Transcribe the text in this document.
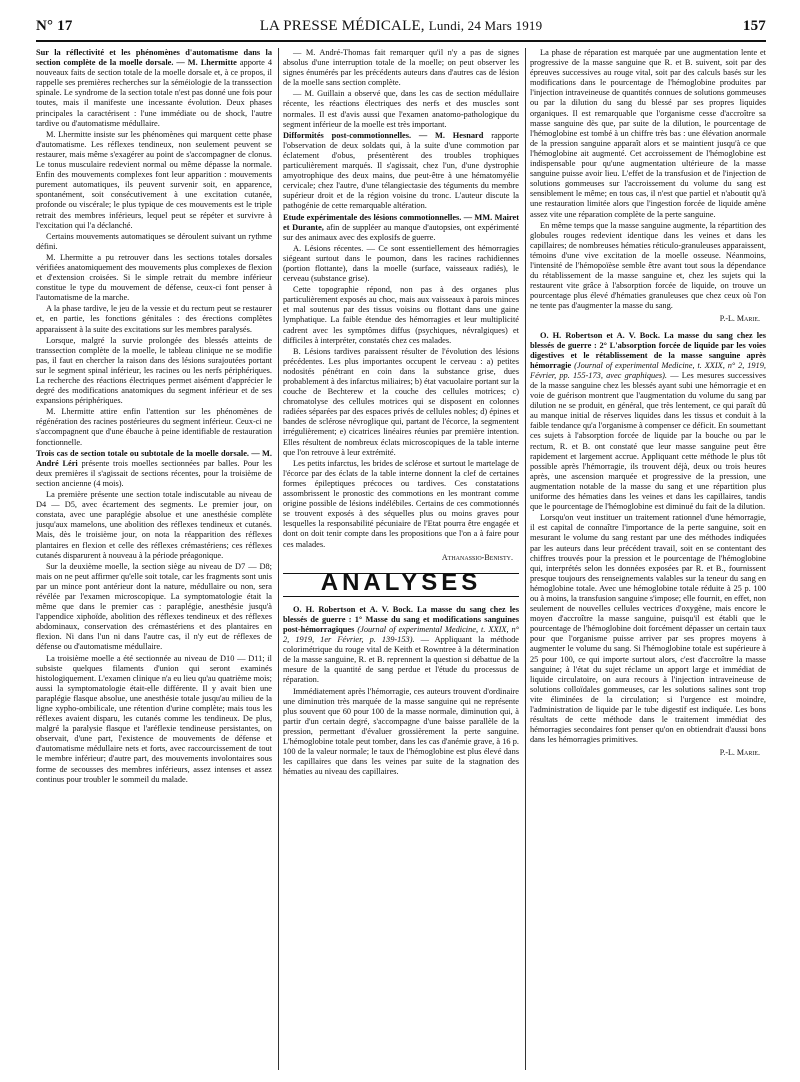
N° 17	LA PRESSE MÉDICALE, Lundi, 24 Mars 1919	157

Sur la réflectivité et les phénomènes d'automatisme dans la section complète de la moelle dorsale. — M. Lhermitte apporte 4 nouveaux faits de section totale de la moelle dorsale et, à ce propos, il rappelle ses premières recherches sur la séméiologie de la transsection spinale. Le syndrome de la section totale n'est pas donné une fois pour toutes, mais il manifeste une incessante évolution. Deux phases principales la caractérisent : l'une immédiate ou de shock, l'autre tardive ou d'automatisme médullaire.

M. Lhermitte insiste sur les phénomènes qui marquent cette phase d'automatisme. Les réflexes tendineux, non seulement peuvent se restaurer, mais même s'exagérer au point de s'accompagner de clonus. Le tonus musculaire redevient normal ou même dépasse la normale. Enfin des mouvements complexes font leur apparition : mouvements purement automatiques, ils peuvent survenir soit, en apparence, spontanément, soit consécutivement à une excitation cutanée, profonde ou viscérale; le plus typique de ces mouvements est le triple retrait des membres inférieurs, lequel peut se répéter et survivre à l'excitation qui l'a déclanché.

Certains mouvements automatiques se déroulent suivant un rythme défini.

M. Lhermitte a pu retrouver dans les sections totales dorsales vérifiées anatomiquement des mouvements plus complexes de flexion et d'extension croisées. Si le simple retrait du membre inférieur constitue le type du mouvement de défense, ceux-ci font penser à l'automatisme de la marche.

A la phase tardive, le jeu de la vessie et du rectum peut se restaurer et, en partie, les fonctions génitales : des érections complètes apparaissent à la suite des excitations sur les membres paralysés.

Lorsque, malgré la survie prolongée des blessés atteints de transsection complète de la moelle, le tableau clinique ne se modifie pas, il faut en chercher la raison dans des lésions surajoutées portant sur le segment spinal inférieur, les racines ou les nerfs périphériques. La recherche des réactions électriques permet aisément d'apprécier le degré des modifications anatomiques du segment inférieur et de ses expansions périphériques.

M. Lhermitte attire enfin l'attention sur les phénomènes de régénération des racines postérieures du segment inférieur. Ceux-ci ne s'accompagnent que d'une ébauche à peine identifiable de restauration fonctionnelle.

Trois cas de section totale ou subtotale de la moelle dorsale. — M. André Léri présente trois moelles sectionnées par balles. Pour les deux premières il s'agissait de sections récentes, pour la troisième de section ancienne (4 mois).

La première présente une section totale indiscutable au niveau de D4 — D5, avec écartement des segments. Le premier jour, on constata, avec une paraplégie absolue et une anesthésie complète jusqu'aux mamelons, une abolition des réflexes tendineux et cutanés. Mais, dès le troisième jour, on nota la réapparition des réflexes plantaires en flexion et celle des réflexes crémastériens; ces réflexes cutanés disparurent à nouveau à la période préagonique.

Sur la deuxième moelle, la section siège au niveau de D7 — D8; mais on ne peut affirmer qu'elle soit totale, car les fragments sont unis par un mince pont antérieur dont la nature, médullaire ou non, sera révélée par l'examen microscopique. La symptomatologie était la même que dans le premier cas : paraplégie, anesthésie jusqu'à l'appendice xiphoïde, abolition des réflexes tendineux et des réflexes abdominaux, conservation des crémastériens et des plantaires en flexion. Ni dans l'un ni dans l'autre cas, il n'y eut de réflexes de défense ou d'automatisme médullaire.

La troisième moelle a été sectionnée au niveau de D10 — D11; il subsiste quelques filaments d'union qui seront examinés histologiquement. L'examen clinique n'a eu lieu qu'au quatrième mois; aussi la symptomatologie était-elle différente. Il y avait bien une paraplégie flasque absolue, une anesthésie totale jusqu'au milieu de la ligne xypho-ombilicale, une rétention d'urine complète; mais tous les réflexes avaient disparu, les cutanés comme les tendineux. De plus, malgré la paralysie flasque et l'aréflexie tendineuse persistantes, on observait, d'une part, l'existence de mouvements de défense et d'automatisme médullaire nets et forts, avec raccourcissement de tout le membre inférieur; d'autre part, des mouvements involontaires sous forme de secousses des membres inférieurs, assez intenses et assez continus pour troubler le sommeil du malade.

— M. André-Thomas fait remarquer qu'il n'y a pas de signes absolus d'une interruption totale de la moelle; on peut observer les signes énumérés par les précédents auteurs dans d'autres cas de lésion de la moelle sans section complète.

— M. Guillain a observé que, dans les cas de section médullaire récente, les réactions électriques des nerfs et des muscles sont normales. Il est d'avis aussi que l'examen anatomo-pathologique du segment inférieur de la moelle est très important.

Difformités post-commotionnelles. — M. Hesnard rapporte l'observation de deux soldats qui, à la suite d'une commotion par éclatement d'obus, présentèrent des troubles trophiques particulièrement marqués. Il s'agissait, chez l'un, d'une dystrophie amyotrophique des deux mains, due peut-être à une hématomyélie cervicale; chez l'autre, d'une télangiectasie des téguments du membre supérieur droit et de la région voisine du tronc. L'auteur discute la pathogénie de cette remarquable altération.

Etude expérimentale des lésions commotionnelles. — MM. Mairet et Durante, afin de suppléer au manque d'autopsies, ont expérimenté sur des animaux avec des explosifs de guerre.

A. Lésions récentes. — Ce sont essentiellement des hémorragies siégeant surtout dans le poumon, dans les racines rachidiennes (portion flottante), dans la moelle (surface, vaisseaux radiés), le cerveau (substance grise).

Cette topographie répond, non pas à des organes plus particulièrement exposés au choc, mais aux vaisseaux à parois minces et mal soutenus par des tissus voisins ou flottant dans une gaine lymphatique. La faible étendue des hémorragies et leur multiplicité cadrent avec les symptômes diffus (psychiques, névralgiques) et difficiles à interpréter, constatés chez ces malades.

B. Lésions tardives paraissent résulter de l'évolution des lésions précédentes. Les plus importantes occupent le cerveau : a) petites nodosités pénétrant en coin dans la substance grise, dues probablement à des infarctus miliaires; b) état vacuolaire portant sur la couche de Bechterew et la couche des cellules motrices; c) chromatolyse des cellules motrices qui se disposent en colonnes radiées séparées par des espaces privés de cellules nobles; d) épines et bandes de sclérose névroglique qui, partant de l'écorce, la segmentent irrégulièrement; e) cicatrices linéaires réunies par première intention. Elles résultent de nombreux éclats microscopiques de la table interne que l'on retrouve à leur extrémité.

Les petits infarctus, les brides de sclérose et surtout le martelage de l'écorce par des éclats de la table interne donnent la clef de certaines formes épileptiques précoces ou tardives. Ces constatations assombrissent le pronostic des commotions en les montrant comme origine possible de lésions indélébiles. Certains de ces commotionnés se trouvent exposés à des séquelles plus ou moins graves pour lesquelles la responsabilité pécuniaire de l'Etat pourra être engagée et dont on doit tenir compte dans les propositions que l'on a à faire pour ces malades.

Athanassio-Benisty.

ANALYSES

O. H. Robertson et A. V. Bock. La masse du sang chez les blessés de guerre : 1° Masse du sang et modifications sanguines post-hémorragiques (Journal of experimental Medicine, t. XXIX, n° 2, 1919, 1er Février, p. 139-153). — Appliquant la méthode colorimétrique du rouge vital de Keith et Rowntree à la détermination de la masse sanguine, R. et B. reprennent la question si débattue de la mesure de la quantité de sang perdue et l'étude du processus de réparation.

Immédiatement après l'hémorragie, ces auteurs trouvent d'ordinaire une diminution très marquée de la masse sanguine qui ne représente plus souvent que 60 pour 100 de la masse normale, diminution qui, à partir d'un certain degré, s'accompagne d'une baisse parallèle de la pression, permettant d'évaluer grossièrement la perte sanguine. L'hémoglobine totale peut tomber, dans les cas d'anémie grave, à 16 p. 100 de la valeur normale; le taux de l'hémoglobine est plus élevé dans les capillaires que dans les veines par suite de la stagnation des hématies au niveau des capillaires.

La phase de réparation est marquée par une augmentation lente et progressive de la masse sanguine que R. et B. suivent, soit par des épreuves successives au rouge vital, soit par des calculs basés sur les modifications dans le pourcentage de l'hémoglobine produites par l'injection intraveineuse de quantités connues de solutions gommeuses ou par la dilution du sang du blessé par ses propres liquides organiques. Il est remarquable que l'organisme cesse d'accroître sa masse sanguine dès que, par suite de la dilution, le pourcentage de l'hémoglobine est tombé à un chiffre très bas : une élévation anormale de la pression sanguine apparaît alors et se maintient jusqu'à ce que l'hémoglobine ait augmenté. Cet accroissement de l'hémoglobine est indispensable pour qu'une augmentation ultérieure de la masse sanguine puisse avoir lieu. L'effet de la transfusion et de l'injection de solutions gommeuses sur l'accroissement du volume du sang est sensiblement le même; en tous cas, il n'est que partiel et n'aboutit qu'à une restauration limitée alors que l'ingestion forcée de liquide amène assez vite une réparation complète de la perte sanguine.

En même temps que la masse sanguine augmente, la répartition des globules rouges redevient identique dans les veines et dans les capillaires; de nombreuses hématies réticulo-granuleuses apparaissent, témoins d'une vive excitation de la moelle osseuse. Néanmoins, l'intensité de l'hémopoïèse semble être avant tout sous la dépendance du rétablissement de la masse sanguine et, chez les sujets qui la restaurent vite grâce à l'absorption forcée de liquide, on trouve un pourcentage plus élevé d'hématies granuleuses que chez ceux où l'on ne tente pas d'augmenter la masse du sang.

P.-L. Marie.

O. H. Robertson et A. V. Bock. La masse du sang chez les blessés de guerre : 2° L'absorption forcée de liquide par les voies digestives et le rétablissement de la masse sanguine après hémorragie (Journal of experimental Medicine, t. XXIX, n° 2, 1919, Février, pp. 155-173, avec graphiques). — Les mesures successives de la masse sanguine chez les blessés ayant subi une hémorragie et en voie de guérison montrent que l'augmentation du volume du sang par dilution ne se produit, en général, que très lentement, ce qui paraît dû au manque initial de réserves liquides dans les tissus et conduit à la faible tendance qu'a l'organisme à compenser ce déficit. En soumettant ces sujets à l'absorption forcée de liquide par la bouche ou par le rectum, R. et B. ont constaté que leur masse sanguine peut être rapidement et largement accrue. Appliquant cette méthode le plus tôt possible après l'hémorragie, ils trouvent déjà, deux ou trois heures après, une ascension marquée et progressive de la pression, une augmentation notable de la masse du sang et une répartition plus uniforme des hématies dans les veines et dans les capillaires, tandis que le pourcentage de l'hémoglobine est diminué du fait de la dilution.

Lorsqu'on veut instituer un traitement rationnel d'une hémorragie, il est capital de connaître l'importance de la perte sanguine, soit en mesurant le volume du sang restant par une des méthodes indiquées par les auteurs dans leur précédent travail, soit en se contentant des chiffres trouvés pour la pression et le pourcentage de l'hémoglobine qui, interprétés selon les données exposées par R. et B., fournissent presque toujours des renseignements valables sur la teneur du sang en hémoglobine totale. Avec une hémoglobine totale réduite à 25 p. 100 ou à moins, la transfusion sanguine s'impose; elle fournit, en effet, non seulement de nouvelles cellules vectrices d'oxygène, mais encore le moyen d'accroître la masse sanguine, puisqu'il est établi que le pourcentage de l'hémoglobine doit forcément dépasser un certain taux pour que l'organisme puisse arriver par ses propres moyens à augmenter le volume du sang. Si l'hémoglobine totale est supérieure à 25 pour 100, ce qui importe surtout alors, c'est d'accroître la masse sanguine; à l'état du sujet réclame un apport large et immédiat de liquide circulatoire, on aura recours à l'injection intraveineuse de solutions colloïdales gommeuses, car les solutions salines sont trop vite éliminées de la circulation; si l'urgence est moindre, l'administration de liquide par le tube digestif est indiquée. Les bons résultats de cette méthode dans le traitement immédiat des hémorragies secondaires font penser qu'on en obtiendrait d'aussi bons dans les hémorragies primitives.

P.-L. Marie.
